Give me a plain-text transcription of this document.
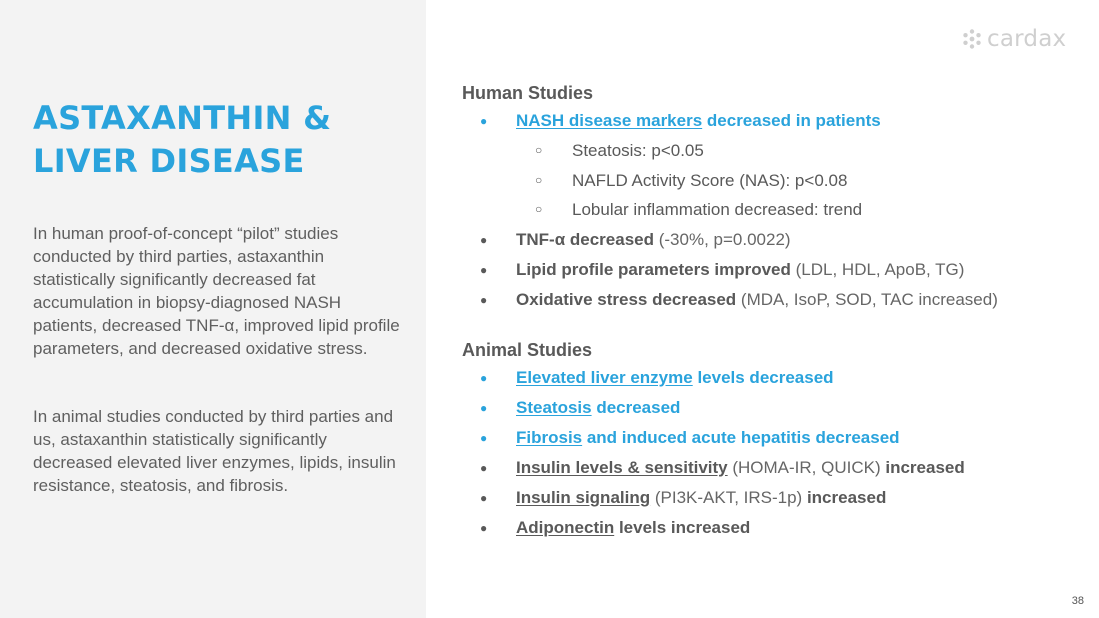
ASTAXANTHIN &
LIVER DISEASE

In human proof-of-concept “pilot” studies conducted by third parties, astaxanthin statistically significantly decreased fat accumulation in biopsy-diagnosed NASH patients, decreased TNF-α, improved lipid profile parameters, and decreased oxidative stress.

In animal studies conducted by third parties and us, astaxanthin statistically significantly decreased elevated liver enzymes, lipids, insulin resistance, steatosis, and fibrosis.

cardax
Human Studies
● NASH disease markers decreased in patients
○ Steatosis: p<0.05
○ NAFLD Activity Score (NAS): p<0.08
○ Lobular inflammation decreased: trend
● TNF-α decreased (-30%, p=0.0022)
● Lipid profile parameters improved (LDL, HDL, ApoB, TG)
● Oxidative stress decreased (MDA, IsoP, SOD, TAC increased)
Animal Studies
● Elevated liver enzyme levels decreased
● Steatosis decreased
● Fibrosis and induced acute hepatitis decreased
● Insulin levels & sensitivity (HOMA-IR, QUICK) increased
● Insulin signaling (PI3K-AKT, IRS-1p) increased
● Adiponectin levels increased
38
